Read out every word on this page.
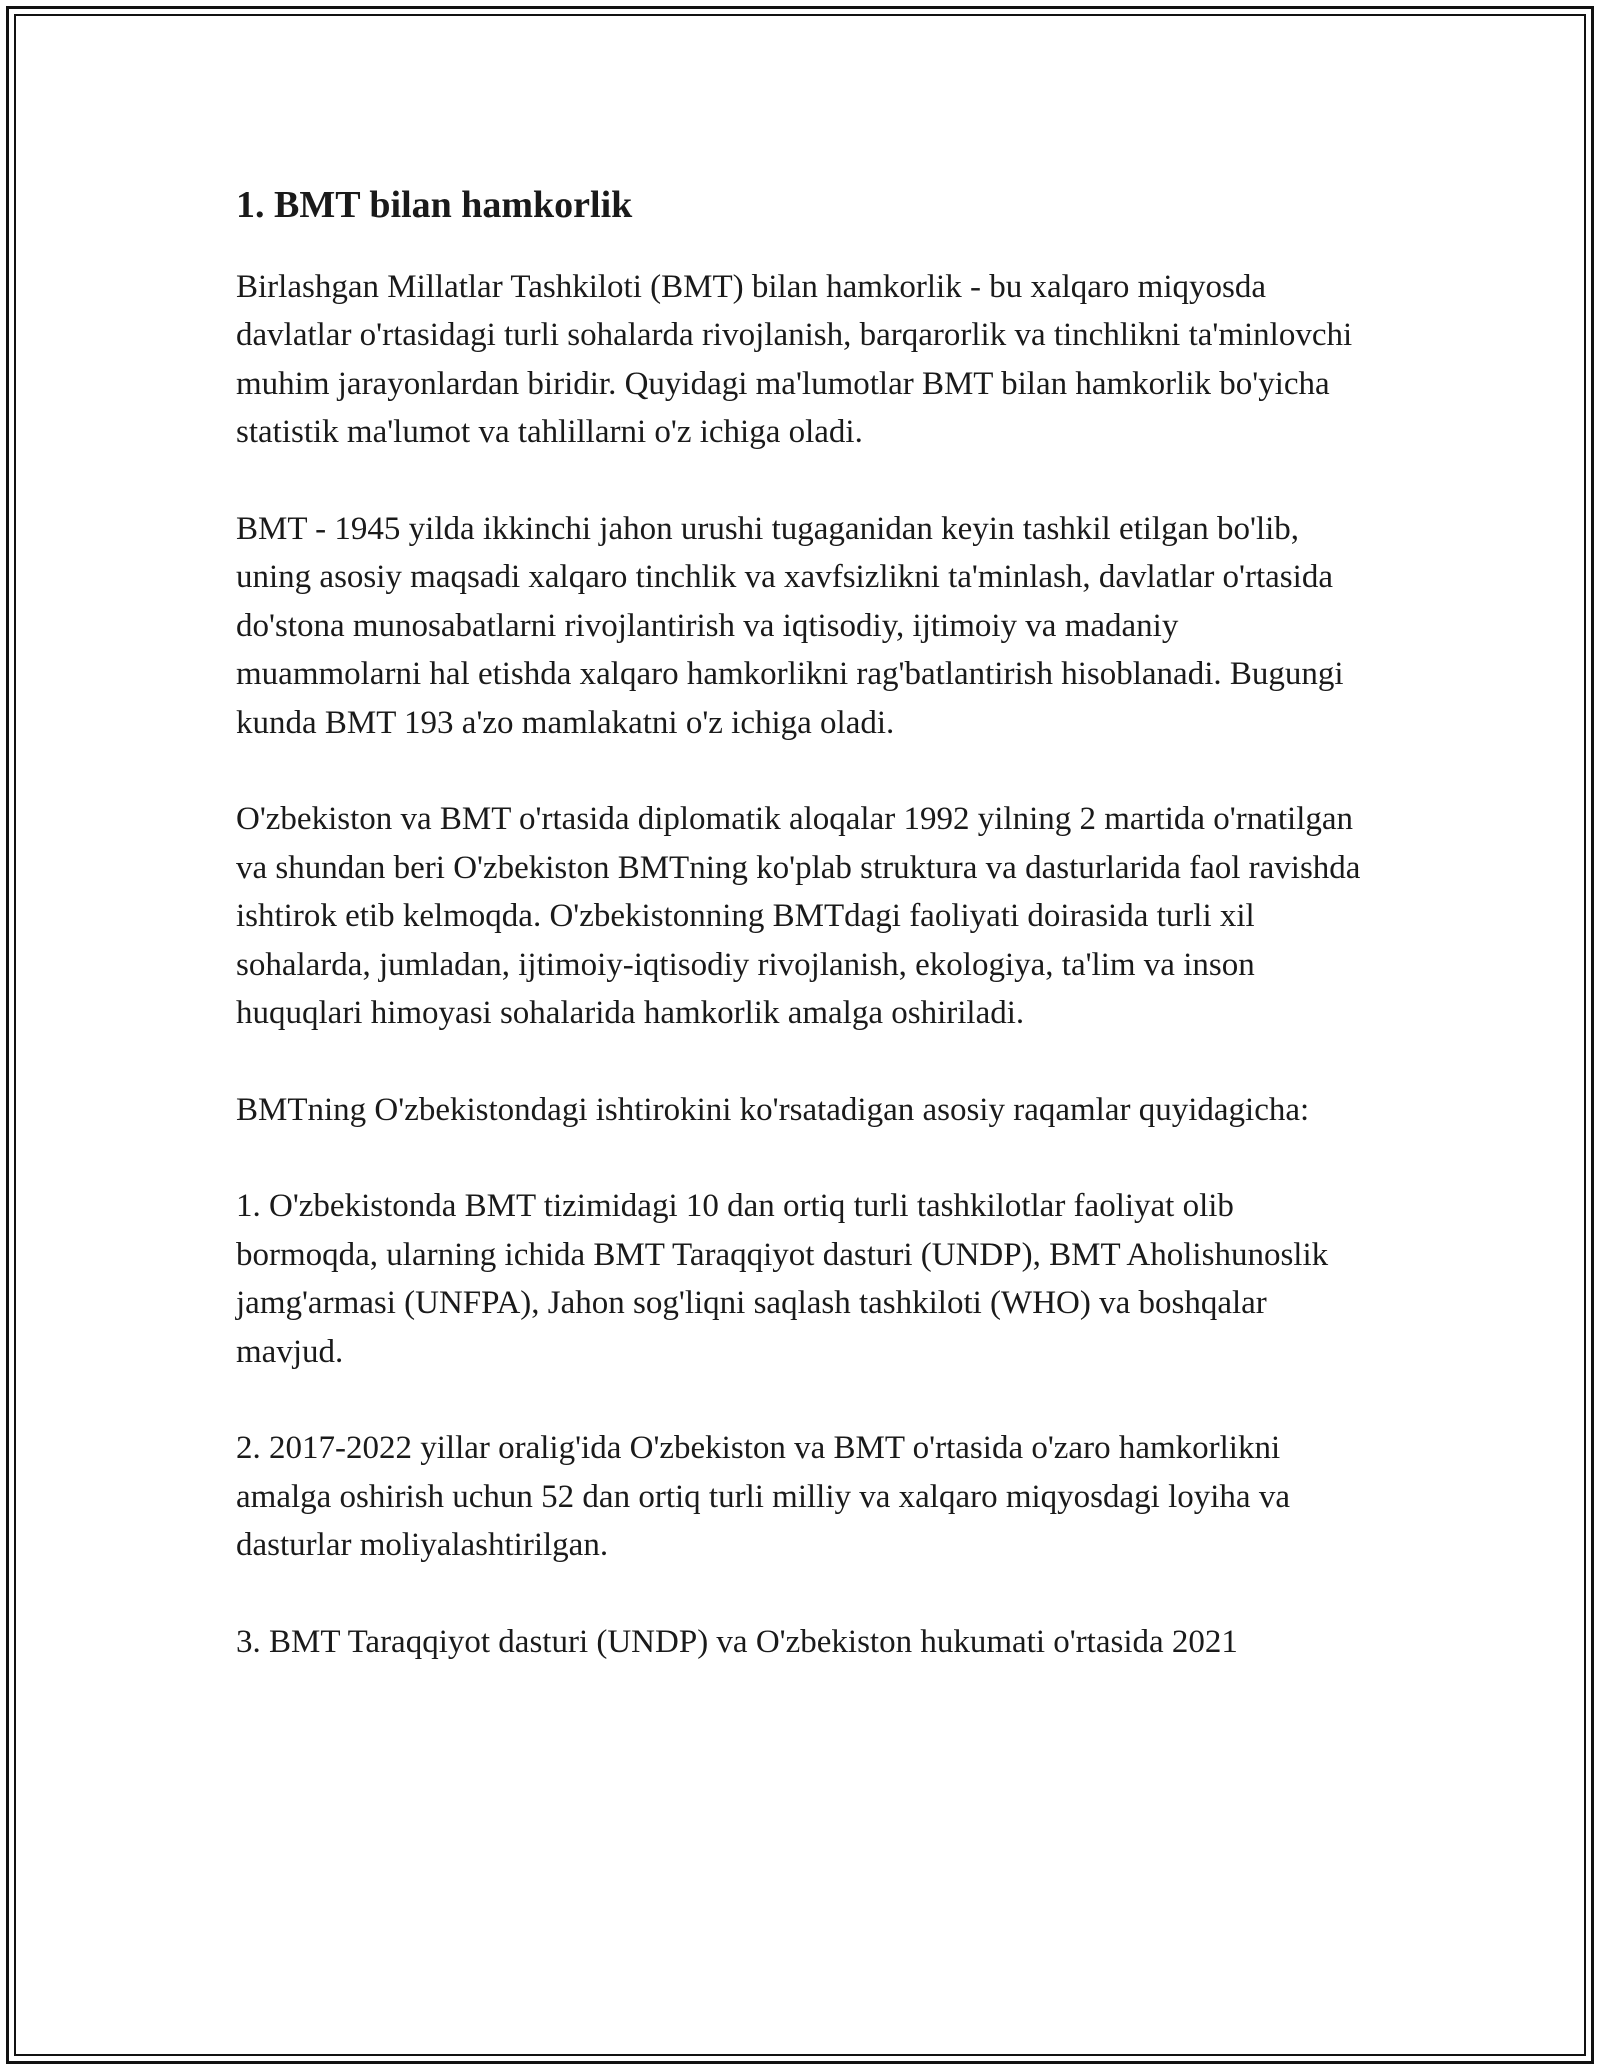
1. BMT bilan hamkorlik

Birlashgan Millatlar Tashkiloti (BMT) bilan hamkorlik - bu xalqaro miqyosda davlatlar o'rtasidagi turli sohalarda rivojlanish, barqarorlik va tinchlikni ta'minlovchi muhim jarayonlardan biridir. Quyidagi ma'lumotlar BMT bilan hamkorlik bo'yicha statistik ma'lumot va tahlillarni o'z ichiga oladi.

BMT - 1945 yilda ikkinchi jahon urushi tugaganidan keyin tashkil etilgan bo'lib, uning asosiy maqsadi xalqaro tinchlik va xavfsizlikni ta'minlash, davlatlar o'rtasida do'stona munosabatlarni rivojlantirish va iqtisodiy, ijtimoiy va madaniy muammolarni hal etishda xalqaro hamkorlikni rag'batlantirish hisoblanadi. Bugungi kunda BMT 193 a'zo mamlakatni o'z ichiga oladi.

O'zbekiston va BMT o'rtasida diplomatik aloqalar 1992 yilning 2 martida o'rnatilgan va shundan beri O'zbekiston BMTning ko'plab struktura va dasturlarida faol ravishda ishtirok etib kelmoqda. O'zbekistonning BMTdagi faoliyati doirasida turli xil sohalarda, jumladan, ijtimoiy-iqtisodiy rivojlanish, ekologiya, ta'lim va inson huquqlari himoyasi sohalarida hamkorlik amalga oshiriladi.

BMTning O'zbekistondagi ishtirokini ko'rsatadigan asosiy raqamlar quyidagicha:

1. O'zbekistonda BMT tizimidagi 10 dan ortiq turli tashkilotlar faoliyat olib bormoqda, ularning ichida BMT Taraqqiyot dasturi (UNDP), BMT Aholishunoslik jamg'armasi (UNFPA), Jahon sog'liqni saqlash tashkiloti (WHO) va boshqalar mavjud.

2. 2017-2022 yillar oralig'ida O'zbekiston va BMT o'rtasida o'zaro hamkorlikni amalga oshirish uchun 52 dan ortiq turli milliy va xalqaro miqyosdagi loyiha va dasturlar moliyalashtirilgan.

3. BMT Taraqqiyot dasturi (UNDP) va O'zbekiston hukumati o'rtasida 2021
